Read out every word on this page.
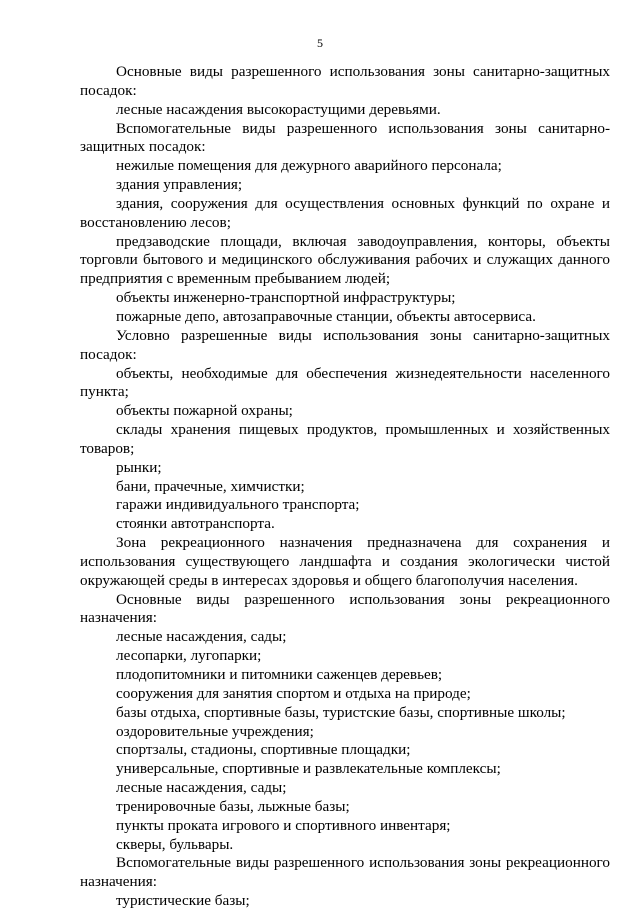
5

Основные виды разрешенного использования зоны санитарно-защитных посадок:

лесные насаждения высокорастущими деревьями.

Вспомогательные виды разрешенного использования зоны санитарно-защитных посадок:

нежилые помещения для дежурного аварийного персонала;

здания управления;

здания, сооружения для осуществления основных функций по охране и восстановлению лесов;

предзаводские площади, включая заводоуправления, конторы, объекты торговли бытового и медицинского обслуживания рабочих и служащих данного предприятия с временным пребыванием людей;

объекты инженерно-транспортной инфраструктуры;

пожарные депо, автозаправочные станции, объекты автосервиса.

Условно разрешенные виды использования зоны санитарно-защитных посадок:

объекты, необходимые для обеспечения жизнедеятельности населенного пункта;

объекты пожарной охраны;

склады хранения пищевых продуктов, промышленных и хозяйственных товаров;

рынки;

бани, прачечные, химчистки;

гаражи индивидуального транспорта;

стоянки автотранспорта.

Зона рекреационного назначения предназначена для сохранения и использования существующего ландшафта и создания экологически чистой окружающей среды в интересах здоровья и общего благополучия населения.

Основные виды разрешенного использования зоны рекреационного назначения:

лесные насаждения, сады;

лесопарки, лугопарки;

плодопитомники и питомники саженцев деревьев;

сооружения для занятия спортом и отдыха на природе;

базы отдыха, спортивные базы, туристские базы, спортивные школы;

оздоровительные учреждения;

спортзалы, стадионы, спортивные площадки;

универсальные, спортивные и развлекательные комплексы;

лесные насаждения, сады;

тренировочные базы, лыжные базы;

пункты проката игрового и спортивного инвентаря;

скверы, бульвары.

Вспомогательные виды разрешенного использования зоны рекреационного назначения:

туристические базы;
